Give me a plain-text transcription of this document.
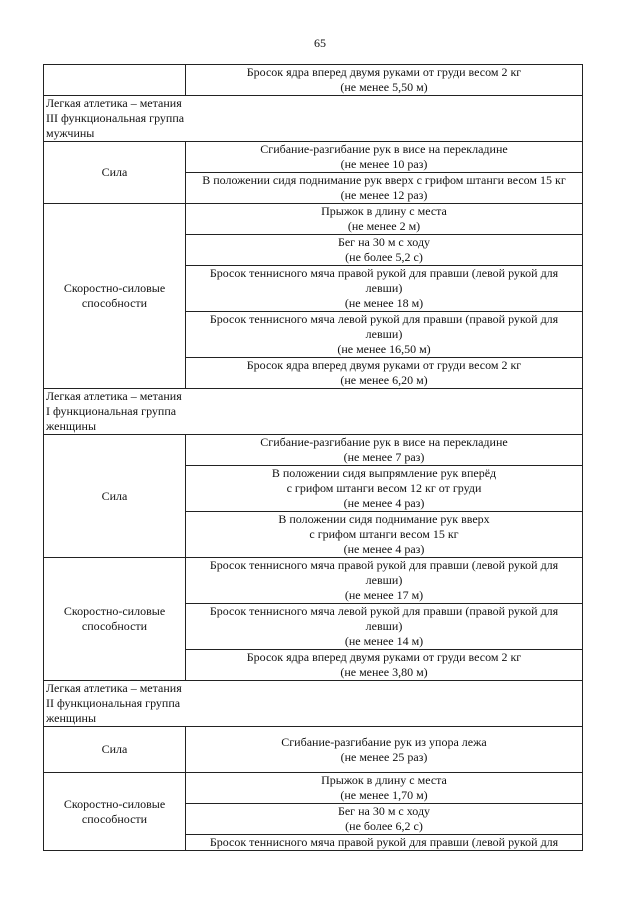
65

	Бросок ядра вперед двумя руками от груди весом 2 кг
(не менее 5,50 м)

Легкая атлетика – метания
III функциональная группа
мужчины	

Сила	Сгибание-разгибание рук в висе на перекладине
(не менее 10 раз)

	В положении сидя поднимание рук вверх с грифом штанги весом 15 кг
(не менее 12 раз)

Скоростно-силовые
способности	Прыжок в длину с места
(не менее 2 м)

	Бег на 30 м с ходу
(не более 5,2 с)

	Бросок теннисного мяча правой рукой для правши (левой рукой для
левши)
(не менее 18 м)

	Бросок теннисного мяча левой рукой для правши (правой рукой для
левши)
(не менее 16,50 м)

	Бросок ядра вперед двумя руками от груди весом 2 кг
(не менее 6,20 м)

Легкая атлетика – метания
I функциональная группа
женщины	

Сила	Сгибание-разгибание рук в висе на перекладине
(не менее 7 раз)

	В положении сидя выпрямление рук вперёд
с грифом штанги весом 12 кг от груди
(не менее 4 раз)

	В положении сидя поднимание рук вверх
с грифом штанги весом 15 кг
(не менее 4 раз)

Скоростно-силовые
способности	Бросок теннисного мяча правой рукой для правши (левой рукой для
левши)
(не менее 17 м)

	Бросок теннисного мяча левой рукой для правши (правой рукой для
левши)
(не менее 14 м)

	Бросок ядра вперед двумя руками от груди весом 2 кг
(не менее 3,80 м)

Легкая атлетика – метания
II функциональная группа
женщины	

Сила	Сгибание-разгибание рук из упора лежа
(не менее 25 раз)

Скоростно-силовые
способности	Прыжок в длину с места
(не менее 1,70 м)

	Бег на 30 м с ходу
(не более 6,2 с)

	Бросок теннисного мяча правой рукой для правши (левой рукой для
